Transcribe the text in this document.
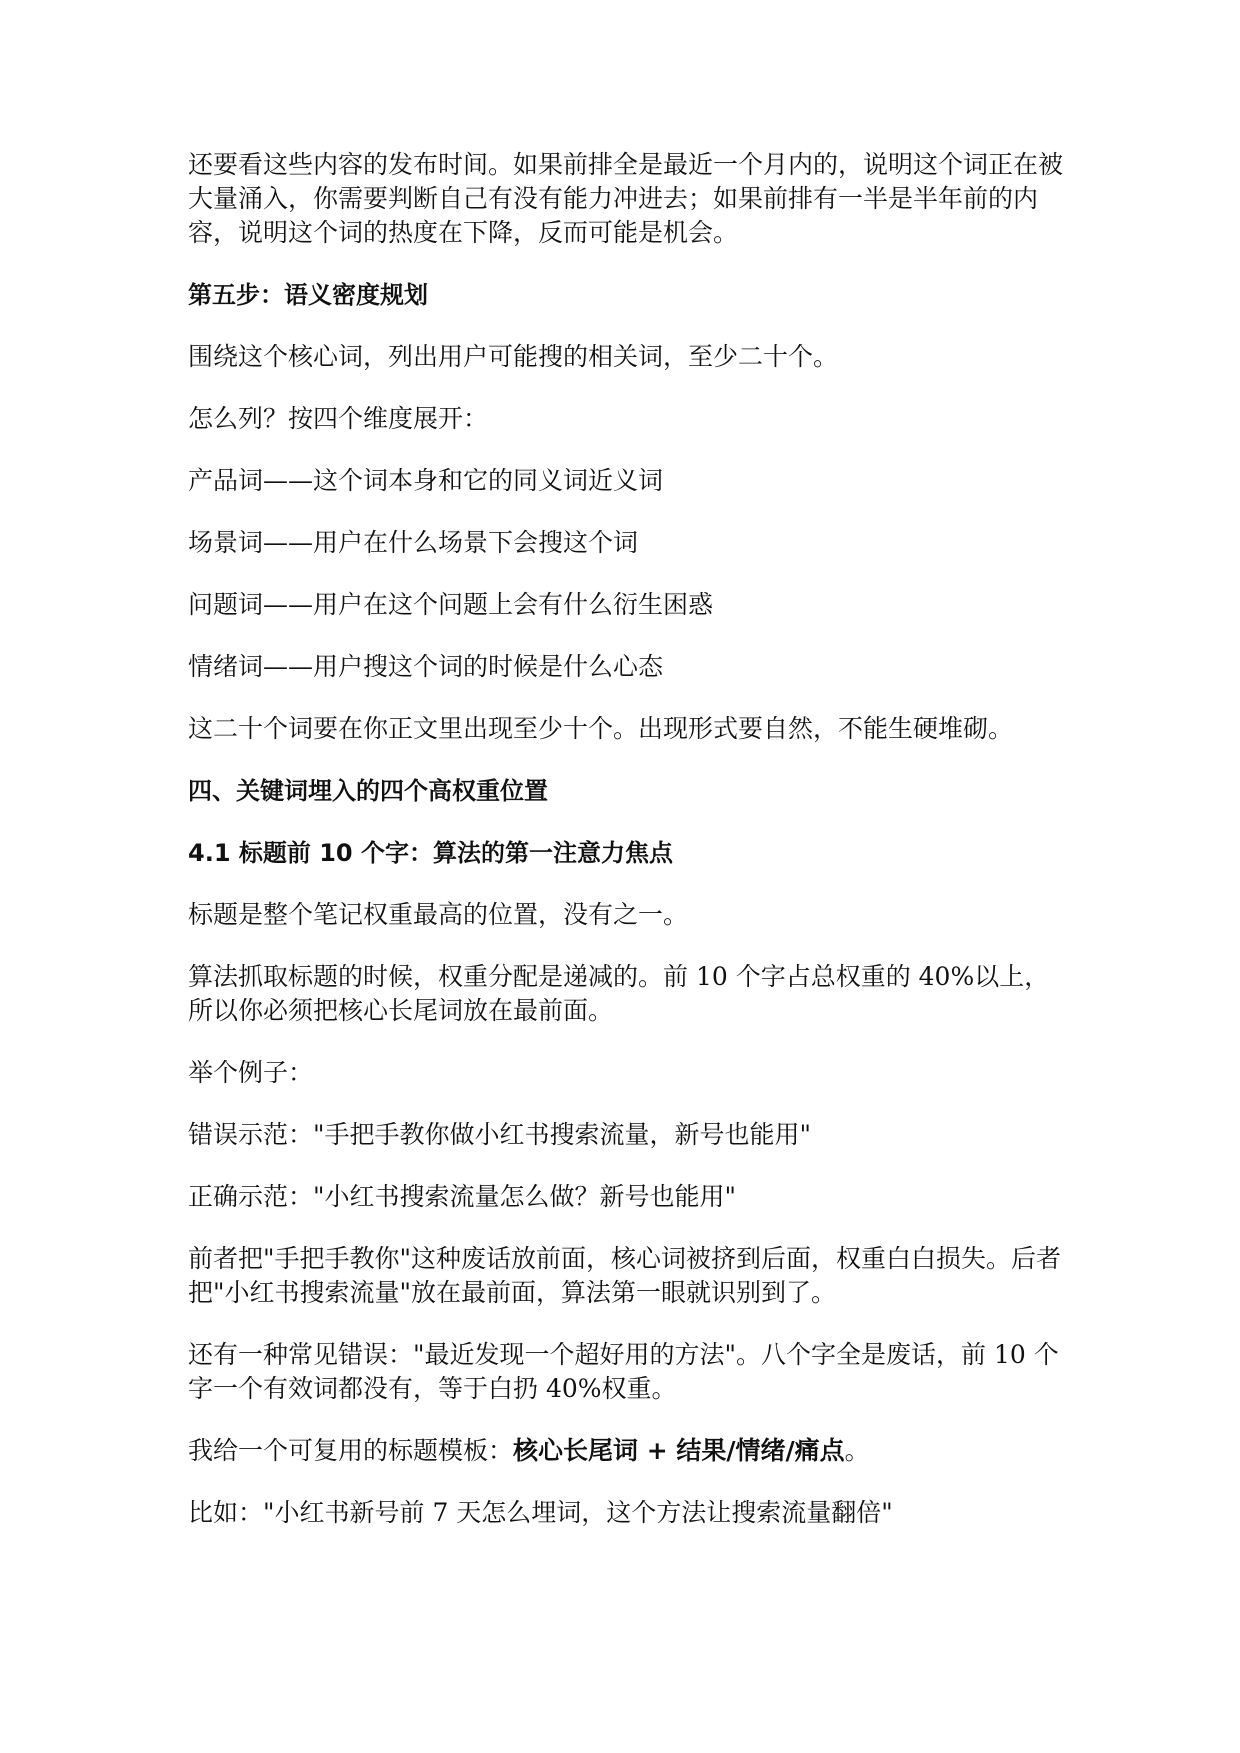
还要看这些内容的发布时间。如果前排全是最近一个月内的，说明这个词正在被大量涌入，你需要判断自己有没有能力冲进去；如果前排有一半是半年前的内容，说明这个词的热度在下降，反而可能是机会。

第五步：语义密度规划

围绕这个核心词，列出用户可能搜的相关词，至少二十个。

怎么列？按四个维度展开：

产品词——这个词本身和它的同义词近义词

场景词——用户在什么场景下会搜这个词

问题词——用户在这个问题上会有什么衍生困惑

情绪词——用户搜这个词的时候是什么心态

这二十个词要在你正文里出现至少十个。出现形式要自然，不能生硬堆砌。

四、关键词埋入的四个高权重位置

4.1 标题前 10 个字：算法的第一注意力焦点

标题是整个笔记权重最高的位置，没有之一。

算法抓取标题的时候，权重分配是递减的。前 10 个字占总权重的 40%以上，所以你必须把核心长尾词放在最前面。

举个例子：

错误示范："手把手教你做小红书搜索流量，新号也能用"

正确示范："小红书搜索流量怎么做？新号也能用"

前者把"手把手教你"这种废话放前面，核心词被挤到后面，权重白白损失。后者把"小红书搜索流量"放在最前面，算法第一眼就识别到了。

还有一种常见错误："最近发现一个超好用的方法"。八个字全是废话，前 10 个字一个有效词都没有，等于白扔 40%权重。

我给一个可复用的标题模板：核心长尾词 + 结果/情绪/痛点。

比如："小红书新号前 7 天怎么埋词，这个方法让搜索流量翻倍"
